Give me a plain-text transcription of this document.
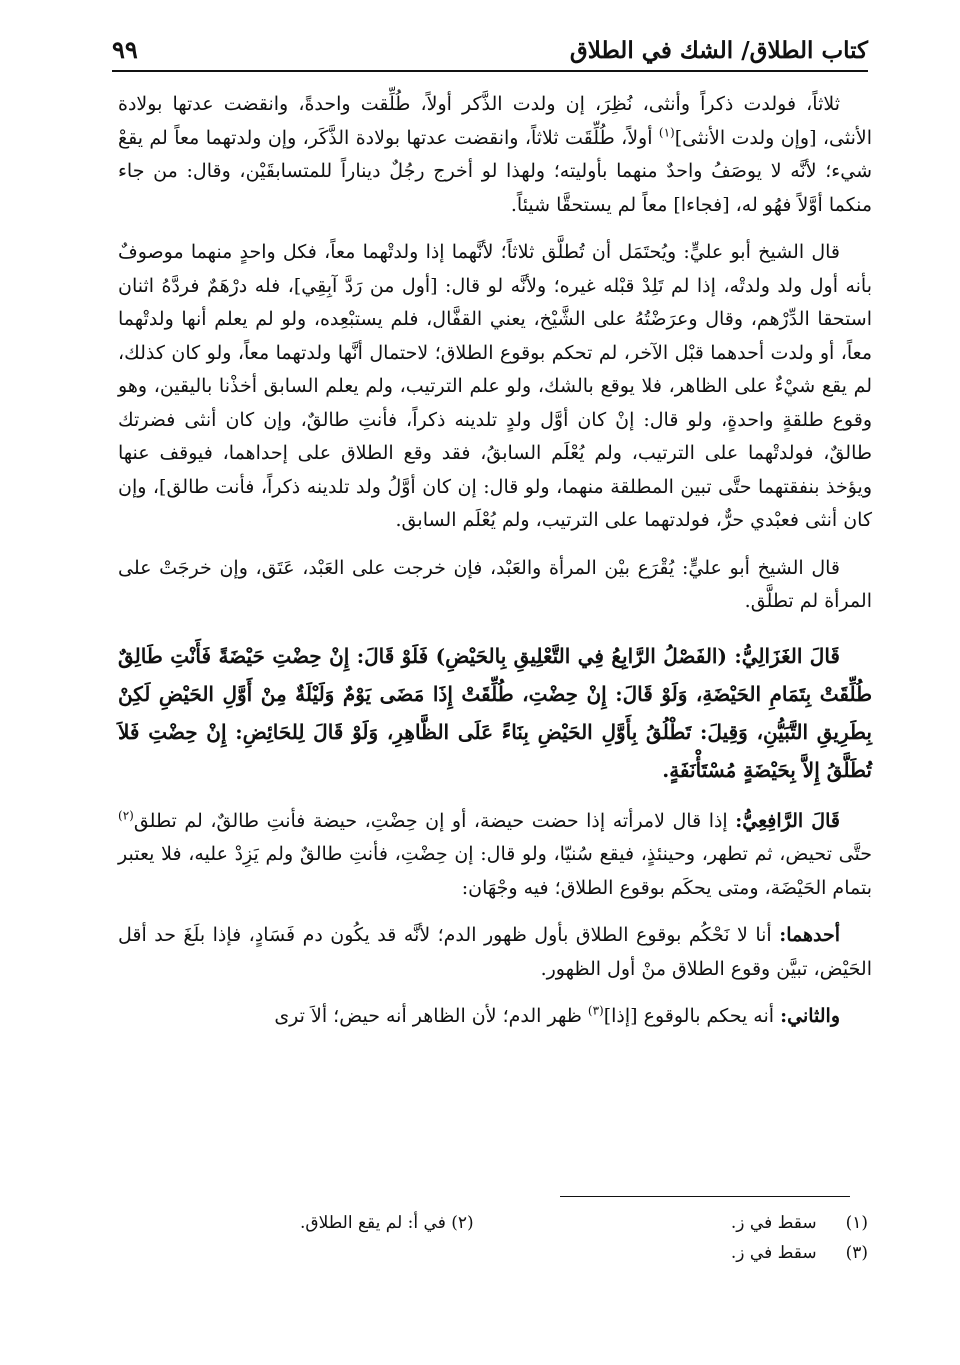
كتاب الطلاق/ الشك في الطلاق
٩٩

ثلاثاً، فولدت ذكراً وأنثى، نُظِرَ، إن ولدت الذَّكر أولاً، طُلِّقت واحدةً، وانقضت عدتها بولادة الأنثى، [وإن ولدت الأنثى]$^{(١)}$ أولاً، طُلِّقَت ثلاثاً، وانقضت عدتها بولادة الذَّكَر، وإن ولدتهما معاً لم يقعْ شيء؛ لأنَّه لا يوصَفُ واحدٌ منهما بأوليته؛ ولهذا لو أخرج رجُلٌ ديناراً للمتسابقَيْن، وقال: من جاء منكما أوَّلاً فهُو له، [فجاءا] معاً لم يستحقَّا شيئاً.

قال الشيخ أبو عليٍّ: ويُحتَمَل أن تُطلَّق ثلاثاً؛ لأنَّهما إذا ولدتْهما معاً، فكل واحدٍ منهما موصوفٌ بأنه أول ولد ولدتْه، إذا لم تَلِدْ قبْله غيره؛ ولأنَّه لو قال: [أول من رَدَّ آبِقِي]، فله درْهَمٌ فردَّهُ اثنان استحقا الدِّرْهم، وقال وعرَضْتُهُ على الشَّيْخ، يعني القفَّال، فلم يستبْعِده، ولو لم يعلم أنها ولدتْهما معاً، أو ولدت أحدهما قبْل الآخر، لم تحكم بوقوع الطلاق؛ لاحتمال أنَّها ولدتهما معاً، ولو كان كذلك، لم يقع شيْءٌ على الظاهر، فلا يوقع بالشك، ولو علم الترتيب، ولم يعلم السابق أخذْنا باليقين، وهو وقوع طلقةٍ واحدةٍ، ولو قال: إنْ كان أوَّل ولدٍ تلدينه ذكراً، فأنتِ طالقٌ، وإن كان أنثى فضرتك طالقٌ، فولدتْهما على الترتيب، ولم يُعْلَم السابقُ، فقد وقع الطلاق على إحداهما، فيوقف عنها ويؤخذ بنفقتهما حتَّى تبين المطلقة منهما، ولو قال: إن كان أوَّلُ ولد تلدينه ذكراً، فأنت طالق]، وإن كان أنثى فعبْدي حرٌّ، فولدتهما على الترتيب، ولم يُعْلَم السابق.

قال الشيخ أبو عليٍّ: يُقْرَع بيْن المرأة والعَبْد، فإن خرجت على العَبْد، عَتَق، وإن خرجَتْ على المرأة لم تطلَّق.

قَالَ الغَزَالِيُّ: (الفَصْلُ الرَّابِعُ فِي التَّعْلِيقِ بِالحَيْضِ) فَلَوْ قَالَ: إِنْ حِضْتِ حَيْضَةً فَأَنْتِ طَالِقٌ طُلِّقَتْ بِتَمَامِ الحَيْضَةِ، وَلَوْ قَالَ: إِنْ حِضْتِ، طُلِّقَتْ إِذَا مَضَى يَوْمٌ وَلَيْلَةٌ مِنْ أَوَّلِ الحَيْضِ لَكِنْ بِطَرِيقِ التَّبَيُّنِ، وَقِيلَ: تَطْلُقُ بِأَوَّلِ الحَيْضِ بِنَاءً عَلَى الظَّاهِرِ، وَلَوْ قَالَ لِلحَائِضِ: إِنْ حِضْتِ فَلاَ تُطَلَّقُ إِلاَّ بِحَيْضَةٍ مُسْتَأْنَفَةٍ.

قَالَ الرَّافِعِيُّ: إذا قال لامرأته إذا حضت حيضة، أو إن حِضْتِ، حيضة فأنتِ طالقٌ، لم تطلق$^{(٢)}$ حتَّى تحيض، ثم تطهر، وحينئذٍ، فيقع سُنيّا، ولو قال: إن حِضْتِ، فأنتِ طالقٌ ولم يَزِدْ عليه، فلا يعتبر بتمام الحَيْضَة، ومتى يحكَم بوقوع الطلاق؛ فيه وجْهَان:

أحدهما: أنا لا نَحْكُم بوقوع الطلاق بأول ظهور الدم؛ لأنَّه قد يكُون دم فَسَادٍ، فإذا بلَغَ حد أقل الحَيْض، تبيَّن وقوع الطلاق منْ أول الظهور.

والثاني: أنه يحكم بالوقوع [إذا]$^{(٣)}$ ظهر الدم؛ لأن الظاهر أنه حيض؛ ألاَ ترى

(١) سقط في ز.
(٣) سقط في ز.
(٢) في أ: لم يقع الطلاق.
